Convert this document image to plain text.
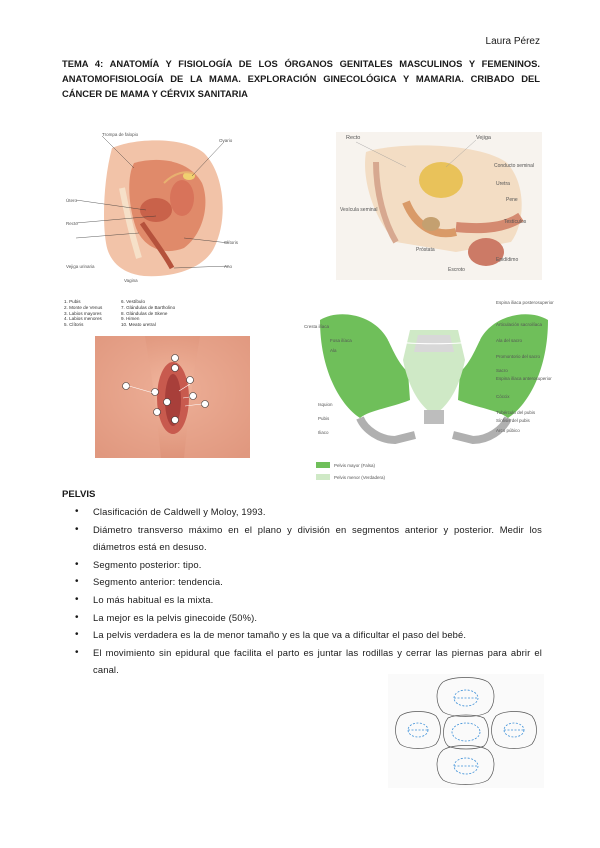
Laura Pérez
TEMA 4: ANATOMÍA Y FISIOLOGÍA DE LOS ÓRGANOS GENITALES MASCULINOS Y FEMENINOS. ANATOMOFISIOLOGÍA DE LA MAMA. EXPLORACIÓN GINECOLÓGICA Y MAMARIA. CRIBADO DEL CÁNCER DE MAMA Y CÉRVIX SANITARIA
Trompa de falopio
Ovario
Útero
Recto
Vejiga urinaria
Vagina
Clítoris
Ano
Recto	Vejiga
Conducto seminal
Uretra
Pene
Testículos
Vesícula seminal
Próstata
Escroto
Epidídimo
1. Pubis
2. Monte de Venus
3. Labios mayores
4. Labios menores
5. Clítoris
6. Vestíbulo
7. Glándulas de Bartholino
8. Glándulas de Skene
9. Himen
10. Meato uretral	Cresta ilíaca
Fosa ilíaca
Ala
Isquion
Pubis
Iliaco
Espina iliaca posterosuperior
Articulación sacroilíaca
Ala del sacro
Promontorio del sacro
Sacro
Espina ilíaca anterosuperior
Cóccix
Tubérculo del pubis
Sínfisis del pubis
Arco púbico
Pelvis mayor (Falsa)
Pelvis menor (Verdadera)
PELVIS
• Clasificación de Caldwell y Moloy, 1993.
• Diámetro transverso máximo en el plano y división en segmentos anterior y posterior. Medir los diámetros está en desuso.
• Segmento posterior: tipo.
• Segmento anterior: tendencia.
• Lo más habitual es la mixta.
• La mejor es la pelvis ginecoide (50%).
• La pelvis verdadera es la de menor tamaño y es la que va a dificultar el paso del bebé.
• El movimiento sin epidural que facilita el parto es juntar las rodillas y cerrar las piernas para abrir el canal.
